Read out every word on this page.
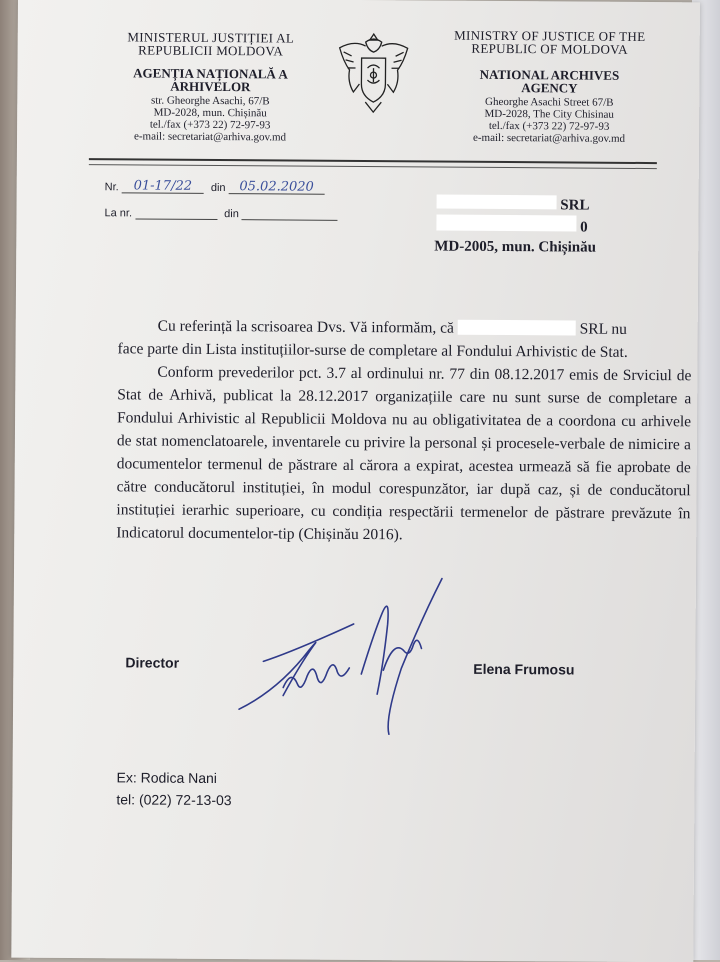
MINISTERUL JUSTIȚIEI AL
REPUBLICII MOLDOVA
AGENȚIA NAȚIONALĂ A
ARHIVELOR
str. Gheorghe Asachi, 67/B
MD-2028, mun. Chișinău
tel./fax (+373 22) 72-97-93
e-mail: secretariat@arhiva.gov.md
MINISTRY OF JUSTICE OF THE
REPUBLIC OF MOLDOVA
NATIONAL ARCHIVES
AGENCY
Gheorghe Asachi Street 67/B
MD-2028, The City Chisinau
tel./fax (+373 22) 72-97-93
e-mail: secretariat@arhiva.gov.md
Nr. 01-17/22 din 05.02.2020
La nr.	din
SRL
0
MD-2005, mun. Chișinău

Cu referință la scrisoarea Dvs. Vă informăm, că	SRL nu

face parte din Lista instituțiilor-surse de completare al Fondului Arhivistic de Stat.

Conform prevederilor pct. 3.7 al ordinului nr. 77 din 08.12.2017 emis de Srviciul de Stat de Arhivă, publicat la 28.12.2017 organizațiile care nu sunt surse de completare a Fondului Arhivistic al Republicii Moldova nu au obligativitatea de a coordona cu arhivele de stat nomenclatoarele, inventarele cu privire la personal și procesele-verbale de nimicire a documentelor termenul de păstrare al cărora a expirat, acestea urmează să fie aprobate de către conducătorul instituției, în modul corespunzător, iar după caz, și de conducătorul instituției ierarhic superioare, cu condiția respectării termenelor de păstrare prevăzute în Indicatorul documentelor-tip (Chișinău 2016).

Director	Elena Frumosu
Ex: Rodica Nani
tel: (022) 72-13-03
